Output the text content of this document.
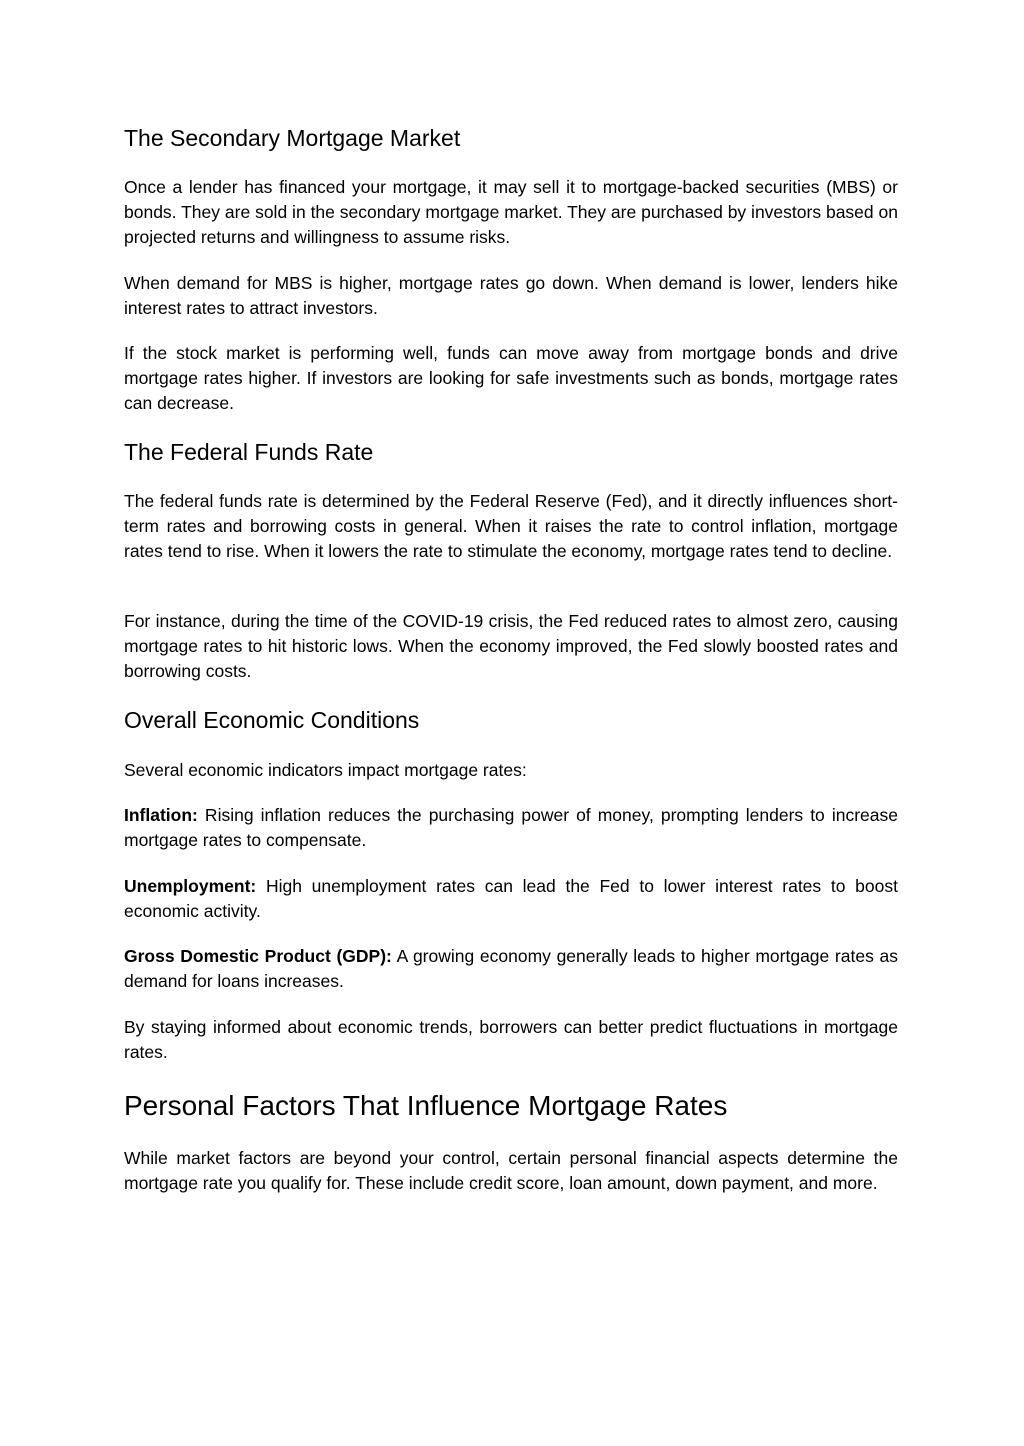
The Secondary Mortgage Market

Once a lender has financed your mortgage, it may sell it to mortgage-backed securities (MBS) or bonds. They are sold in the secondary mortgage market. They are purchased by investors based on projected returns and willingness to assume risks.

When demand for MBS is higher, mortgage rates go down. When demand is lower, lenders hike interest rates to attract investors.

If the stock market is performing well, funds can move away from mortgage bonds and drive mortgage rates higher. If investors are looking for safe investments such as bonds, mortgage rates can decrease.

The Federal Funds Rate

The federal funds rate is determined by the Federal Reserve (Fed), and it directly influences short-term rates and borrowing costs in general. When it raises the rate to control inflation, mortgage rates tend to rise. When it lowers the rate to stimulate the economy, mortgage rates tend to decline.

For instance, during the time of the COVID-19 crisis, the Fed reduced rates to almost zero, causing mortgage rates to hit historic lows. When the economy improved, the Fed slowly boosted rates and borrowing costs.

Overall Economic Conditions

Several economic indicators impact mortgage rates:

Inflation: Rising inflation reduces the purchasing power of money, prompting lenders to increase mortgage rates to compensate.

Unemployment: High unemployment rates can lead the Fed to lower interest rates to boost economic activity.

Gross Domestic Product (GDP): A growing economy generally leads to higher mortgage rates as demand for loans increases.

By staying informed about economic trends, borrowers can better predict fluctuations in mortgage rates.

Personal Factors That Influence Mortgage Rates

While market factors are beyond your control, certain personal financial aspects determine the mortgage rate you qualify for. These include credit score, loan amount, down payment, and more.
